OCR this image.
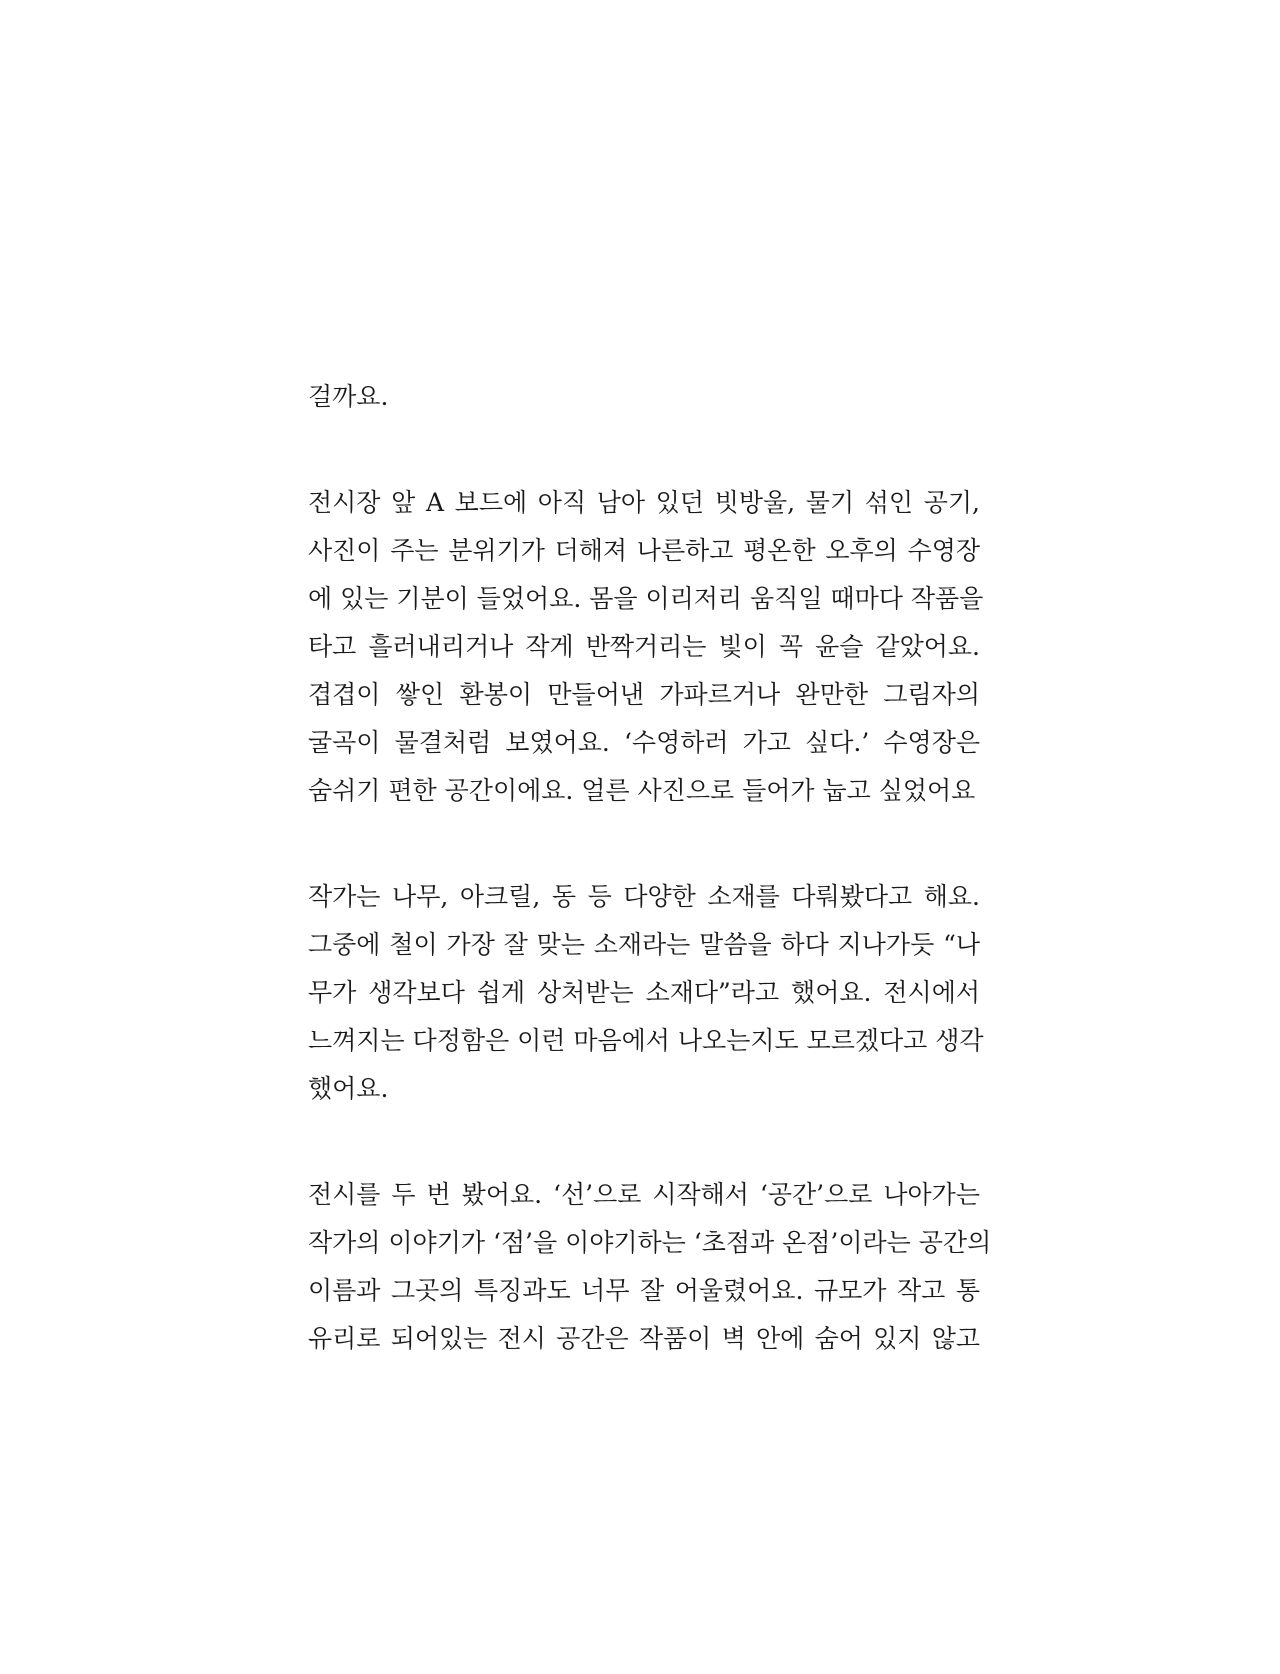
걸까요.

전시장 앞 A 보드에 아직 남아 있던 빗방울, 물기 섞인 공기,
사진이 주는 분위기가 더해져 나른하고 평온한 오후의 수영장
에 있는 기분이 들었어요. 몸을 이리저리 움직일 때마다 작품을
타고 흘러내리거나 작게 반짝거리는 빛이 꼭 윤슬 같았어요.
겹겹이 쌓인 환봉이 만들어낸 가파르거나 완만한 그림자의
굴곡이 물결처럼 보였어요. ‘수영하러 가고 싶다.’ 수영장은
숨쉬기 편한 공간이에요. 얼른 사진으로 들어가 눕고 싶었어요

작가는 나무, 아크릴, 동 등 다양한 소재를 다뤄봤다고 해요.
그중에 철이 가장 잘 맞는 소재라는 말씀을 하다 지나가듯 “나
무가 생각보다 쉽게 상처받는 소재다”라고 했어요. 전시에서
느껴지는 다정함은 이런 마음에서 나오는지도 모르겠다고 생각
했어요.

전시를 두 번 봤어요. ‘선’으로 시작해서 ‘공간’으로 나아가는
작가의 이야기가 ‘점’을 이야기하는 ‘초점과 온점’이라는 공간의
이름과 그곳의 특징과도 너무 잘 어울렸어요. 규모가 작고 통
유리로 되어있는 전시 공간은 작품이 벽 안에 숨어 있지 않고
